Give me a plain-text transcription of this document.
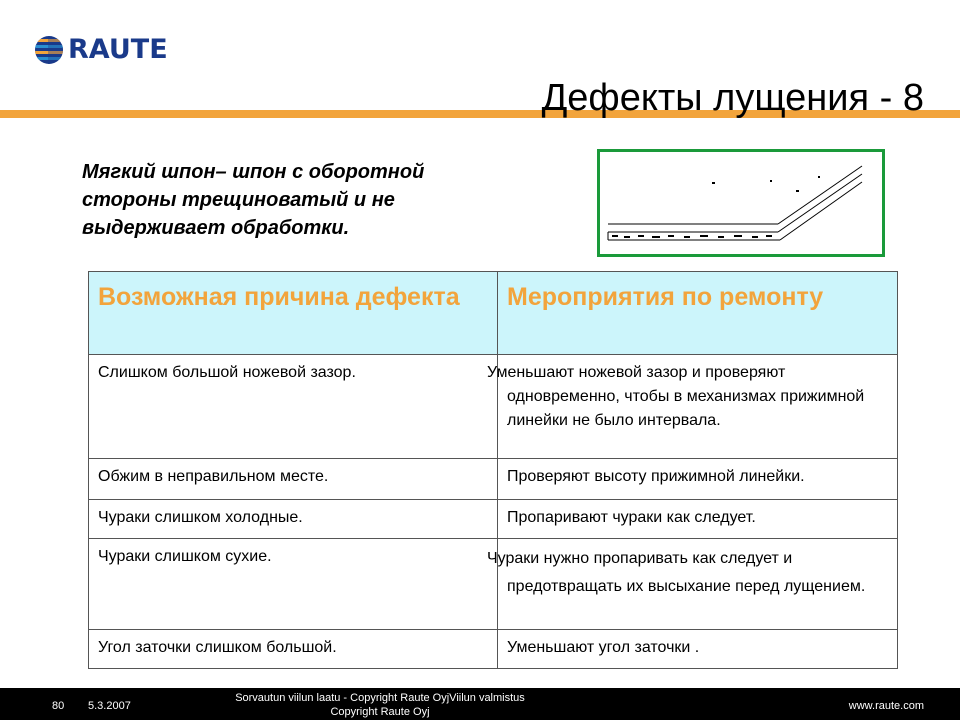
RAUTE
Дефекты лущения - 8
Мягкий шпон– шпон с оборотной стороны трещиноватый и не выдерживает обработки.
Возможная причина дефекта	Мероприятия по ремонту
Слишком большой ножевой зазор.	Уменьшают ножевой зазор и проверяют одновременно, чтобы в механизмах прижимной линейки не было интервала.
Обжим в неправильном месте.	Проверяют высоту прижимной линейки.
Чураки слишком холодные.	Пропаривают чураки как следует.
Чураки слишком сухие.	Чураки нужно пропаривать как следует и предотвращать их высыхание перед лущением.
Угол заточки слишком большой.	Уменьшают угол заточки .
80 5.3.2007
Sorvautun viilun laatu - Copyright Raute OyjViilun valmistus
Copyright Raute Oyj	www.raute.com
